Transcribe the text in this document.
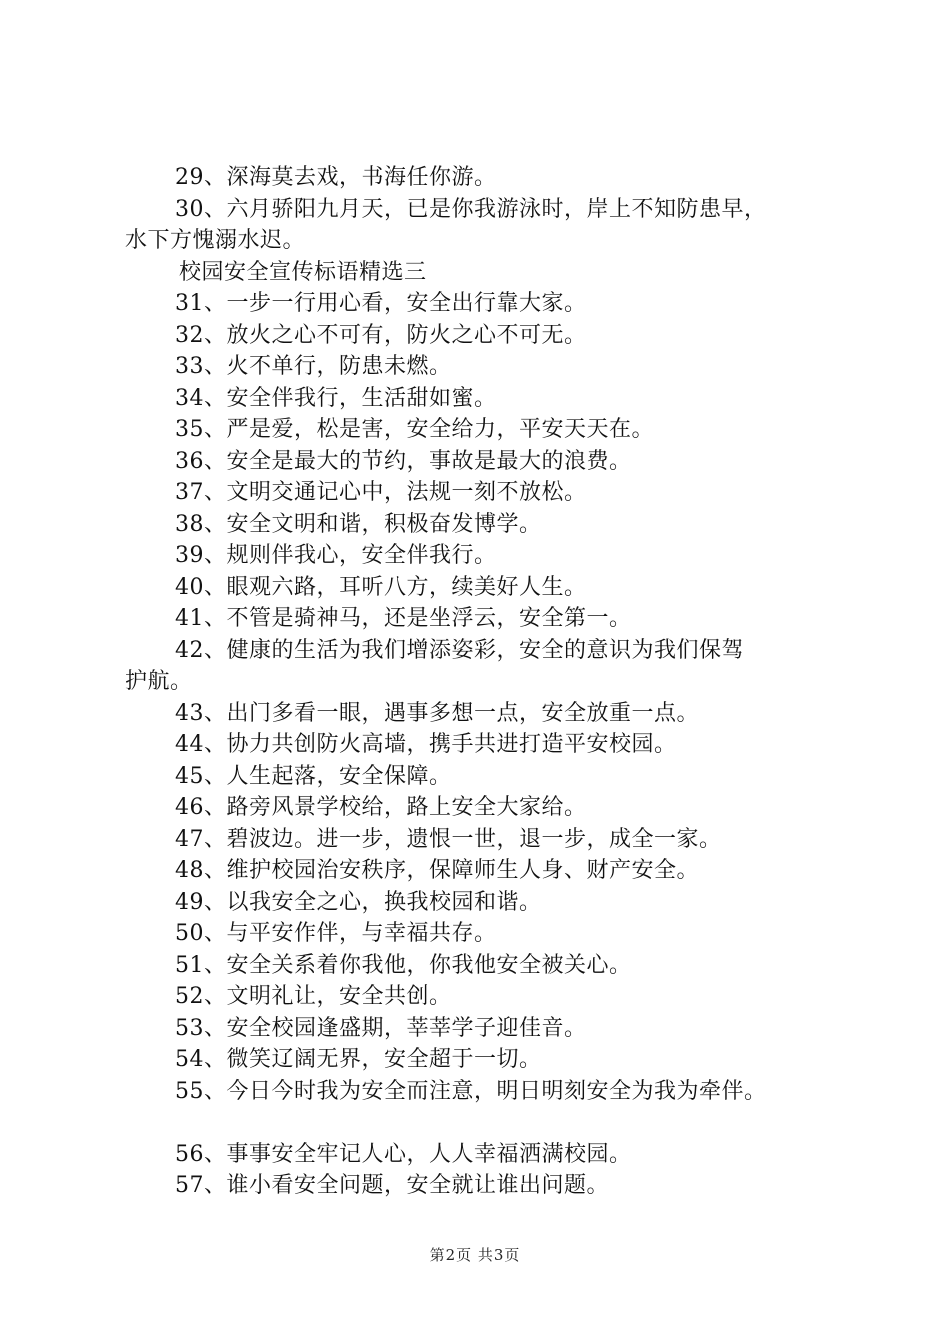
29、深海莫去戏，书海任你游。
30、六月骄阳九月天，已是你我游泳时，岸上不知防患早，
水下方愧溺水迟。
校园安全宣传标语精选三
31、一步一行用心看，安全出行靠大家。
32、放火之心不可有，防火之心不可无。
33、火不单行，防患未燃。
34、安全伴我行，生活甜如蜜。
35、严是爱，松是害，安全给力，平安天天在。
36、安全是最大的节约，事故是最大的浪费。
37、文明交通记心中，法规一刻不放松。
38、安全文明和谐，积极奋发博学。
39、规则伴我心，安全伴我行。
40、眼观六路，耳听八方，续美好人生。
41、不管是骑神马，还是坐浮云，安全第一。
42、健康的生活为我们增添姿彩，安全的意识为我们保驾
护航。
43、出门多看一眼，遇事多想一点，安全放重一点。
44、协力共创防火高墙，携手共进打造平安校园。
45、人生起落，安全保障。
46、路旁风景学校给，路上安全大家给。
47、碧波边。进一步，遗恨一世，退一步，成全一家。
48、维护校园治安秩序，保障师生人身、财产安全。
49、以我安全之心，换我校园和谐。
50、与平安作伴，与幸福共存。
51、安全关系着你我他，你我他安全被关心。
52、文明礼让，安全共创。
53、安全校园逢盛期，莘莘学子迎佳音。
54、微笑辽阔无界，安全超于一切。
55、今日今时我为安全而注意，明日明刻安全为我为牵伴。
56、事事安全牢记人心，人人幸福洒满校园。
57、谁小看安全问题，安全就让谁出问题。
第2页 共3页
